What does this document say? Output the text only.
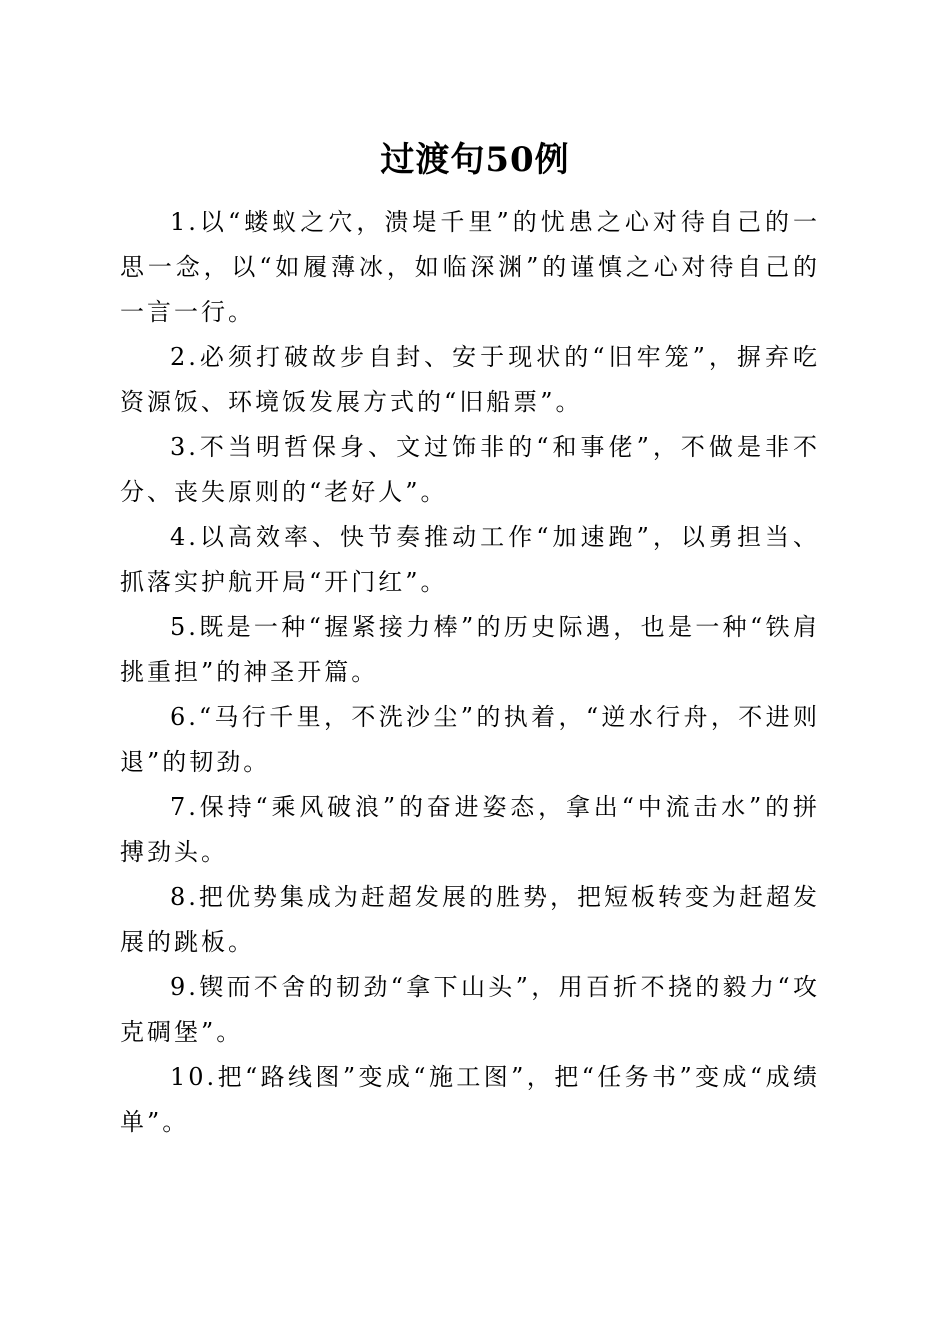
过渡句50例

1.以“蝼蚁之穴，溃堤千里”的忧患之心对待自己的一思一念，以“如履薄冰，如临深渊”的谨慎之心对待自己的一言一行。

2.必须打破故步自封、安于现状的“旧牢笼”，摒弃吃资源饭、环境饭发展方式的“旧船票”。

3.不当明哲保身、文过饰非的“和事佬”，不做是非不分、丧失原则的“老好人”。

4.以高效率、快节奏推动工作“加速跑”，以勇担当、抓落实护航开局“开门红”。

5.既是一种“握紧接力棒”的历史际遇，也是一种“铁肩挑重担”的神圣开篇。

6.“马行千里，不洗沙尘”的执着，“逆水行舟，不进则退”的韧劲。

7.保持“乘风破浪”的奋进姿态，拿出“中流击水”的拼搏劲头。

8.把优势集成为赶超发展的胜势，把短板转变为赶超发展的跳板。

9.锲而不舍的韧劲“拿下山头”，用百折不挠的毅力“攻克碉堡”。

10.把“路线图”变成“施工图”，把“任务书”变成“成绩单”。
